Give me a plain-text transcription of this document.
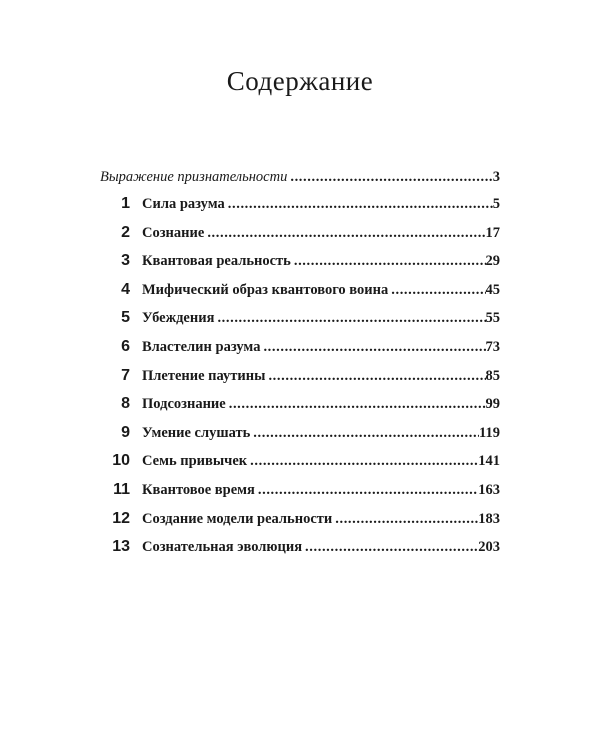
Содержание
Выражение признательности .....	3
1 Сила разума .....	5
2 Сознание .....	17
3 Квантовая реальность .....	29
4 Мифический образ квантового воина .....	45
5 Убеждения .....	55
6 Властелин разума .....	73
7 Плетение паутины .....	85
8 Подсознание .....	99
9 Умение слушать .....	119
10 Семь привычек .....	141
11 Квантовое время .....	163
12 Создание модели реальности .....	183
13 Сознательная эволюция .....	203
